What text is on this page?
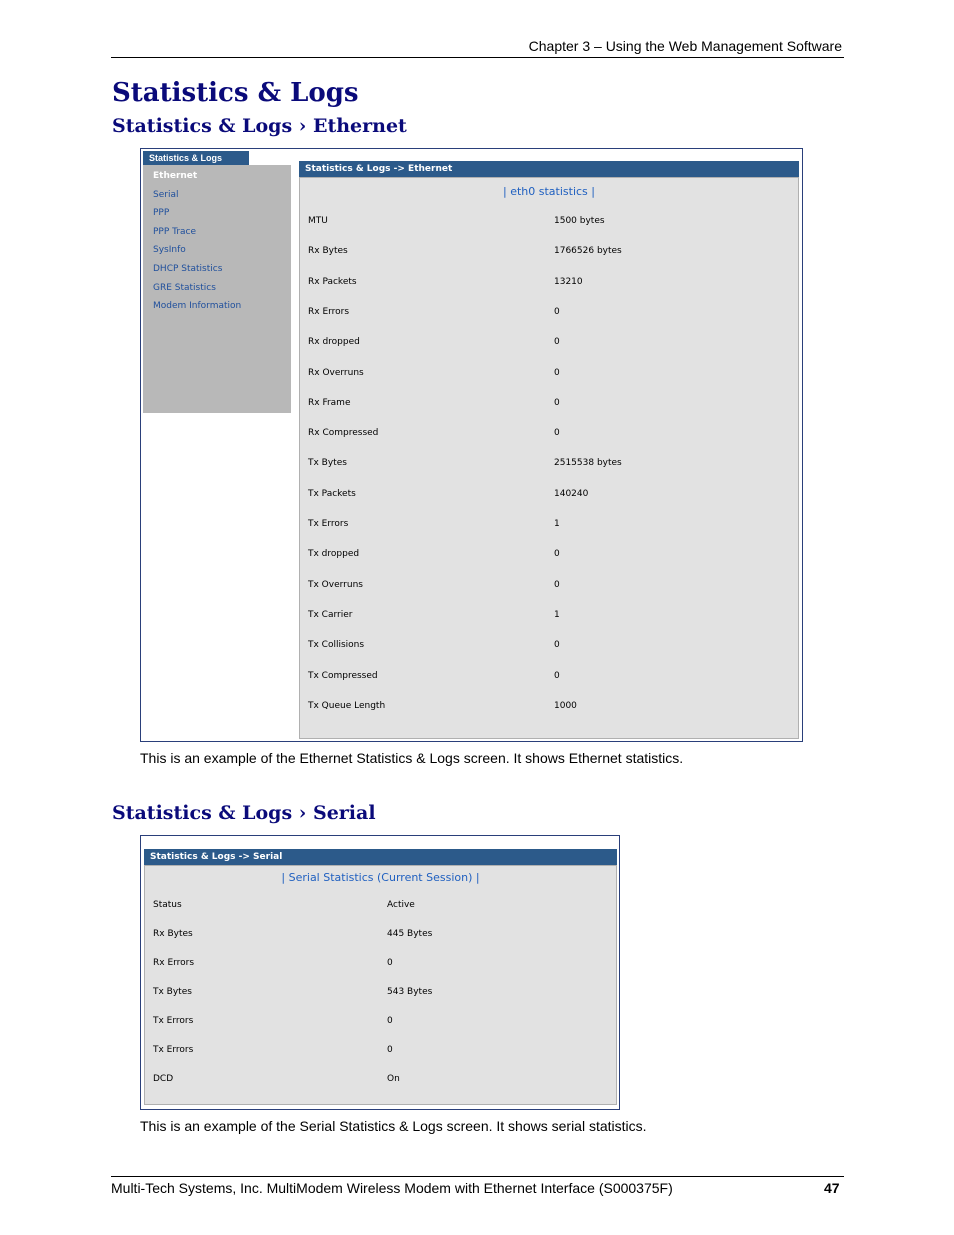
Chapter 3 – Using the Web Management Software
Statistics & Logs
Statistics & Logs › Ethernet
Statistics & Logs
Ethernet
Serial
PPP
PPP Trace
SysInfo
DHCP Statistics
GRE Statistics
Modem Information
Statistics & Logs -> Ethernet
| eth0 statistics |
MTU	1500 bytes
Rx Bytes	1766526 bytes
Rx Packets	13210
Rx Errors	0
Rx dropped	0
Rx Overruns	0
Rx Frame	0
Rx Compressed	0
Tx Bytes	2515538 bytes
Tx Packets	140240
Tx Errors	1
Tx dropped	0
Tx Overruns	0
Tx Carrier	1
Tx Collisions	0
Tx Compressed	0
Tx Queue Length	1000
This is an example of the Ethernet Statistics & Logs screen. It shows Ethernet statistics.
Statistics & Logs › Serial
Statistics & Logs -> Serial
| Serial Statistics (Current Session) |
Status	Active
Rx Bytes	445 Bytes
Rx Errors	0
Tx Bytes	543 Bytes
Tx Errors	0
Tx Errors	0
DCD	On
This is an example of the Serial Statistics & Logs screen. It shows serial statistics.
Multi-Tech Systems, Inc. MultiModem Wireless Modem with Ethernet Interface (S000375F)	47
